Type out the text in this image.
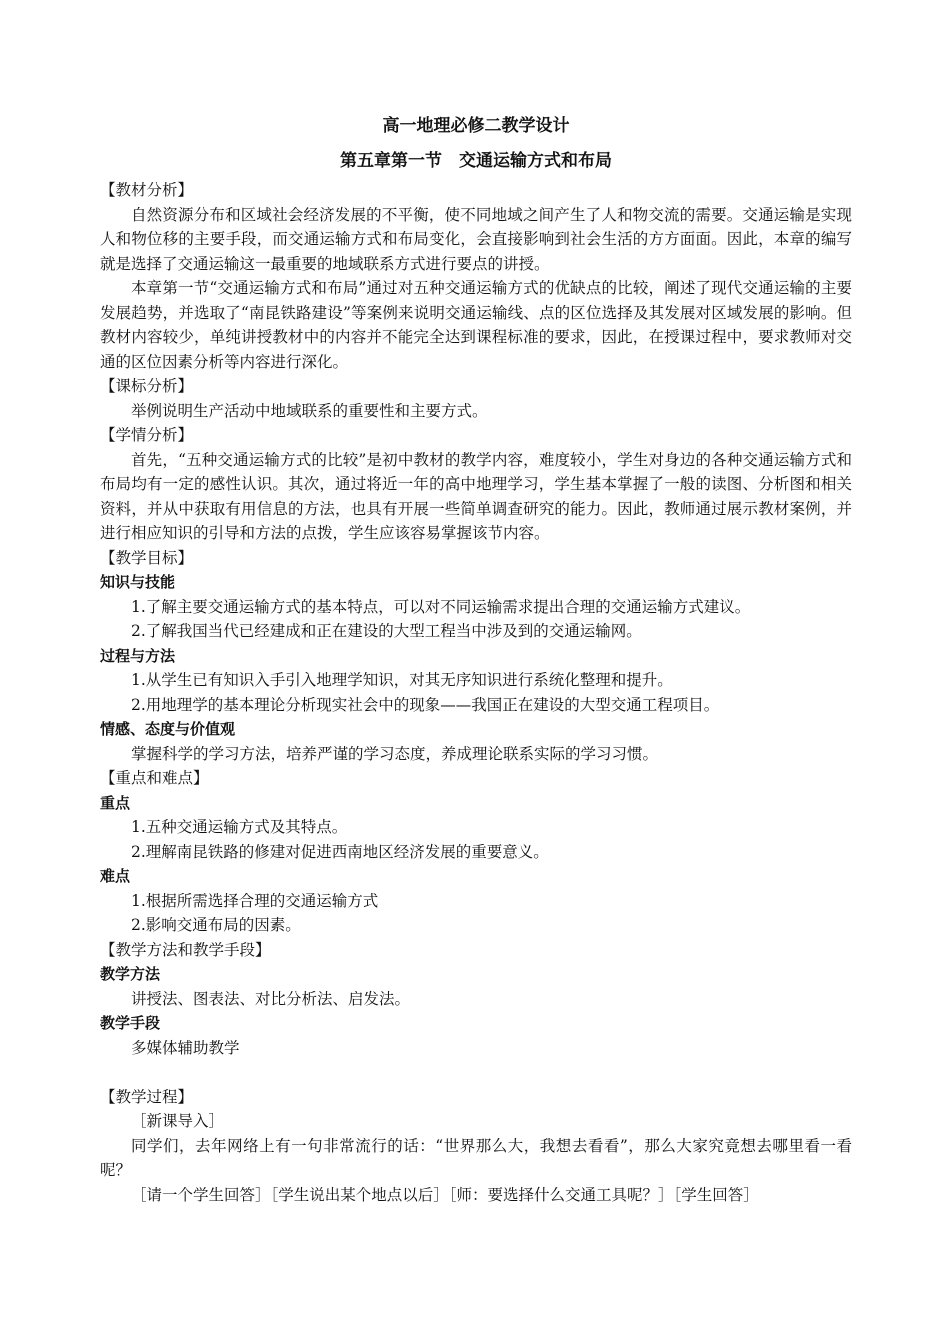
高一地理必修二教学设计
第五章第一节　交通运输方式和布局

【教材分析】

自然资源分布和区域社会经济发展的不平衡，使不同地域之间产生了人和物交流的需要。交通运输是实现人和物位移的主要手段，而交通运输方式和布局变化，会直接影响到社会生活的方方面面。因此，本章的编写就是选择了交通运输这一最重要的地域联系方式进行要点的讲授。

本章第一节“交通运输方式和布局”通过对五种交通运输方式的优缺点的比较，阐述了现代交通运输的主要发展趋势，并选取了“南昆铁路建设”等案例来说明交通运输线、点的区位选择及其发展对区域发展的影响。但教材内容较少，单纯讲授教材中的内容并不能完全达到课程标准的要求，因此，在授课过程中，要求教师对交通的区位因素分析等内容进行深化。

【课标分析】

举例说明生产活动中地域联系的重要性和主要方式。

【学情分析】

首先，“五种交通运输方式的比较”是初中教材的教学内容，难度较小，学生对身边的各种交通运输方式和布局均有一定的感性认识。其次，通过将近一年的高中地理学习，学生基本掌握了一般的读图、分析图和相关资料，并从中获取有用信息的方法，也具有开展一些简单调查研究的能力。因此，教师通过展示教材案例，并进行相应知识的引导和方法的点拨，学生应该容易掌握该节内容。

【教学目标】

知识与技能

1.了解主要交通运输方式的基本特点，可以对不同运输需求提出合理的交通运输方式建议。

2.了解我国当代已经建成和正在建设的大型工程当中涉及到的交通运输网。

过程与方法

1.从学生已有知识入手引入地理学知识，对其无序知识进行系统化整理和提升。

2.用地理学的基本理论分析现实社会中的现象——我国正在建设的大型交通工程项目。

情感、态度与价值观

掌握科学的学习方法，培养严谨的学习态度，养成理论联系实际的学习习惯。

【重点和难点】

重点

1.五种交通运输方式及其特点。

2.理解南昆铁路的修建对促进西南地区经济发展的重要意义。

难点

1.根据所需选择合理的交通运输方式

2.影响交通布局的因素。

【教学方法和教学手段】

教学方法

讲授法、图表法、对比分析法、启发法。

教学手段

多媒体辅助教学

【教学过程】

［新课导入］

同学们，去年网络上有一句非常流行的话：“世界那么大，我想去看看”，那么大家究竟想去哪里看一看呢？

［请一个学生回答］［学生说出某个地点以后］［师：要选择什么交通工具呢？］［学生回答］
